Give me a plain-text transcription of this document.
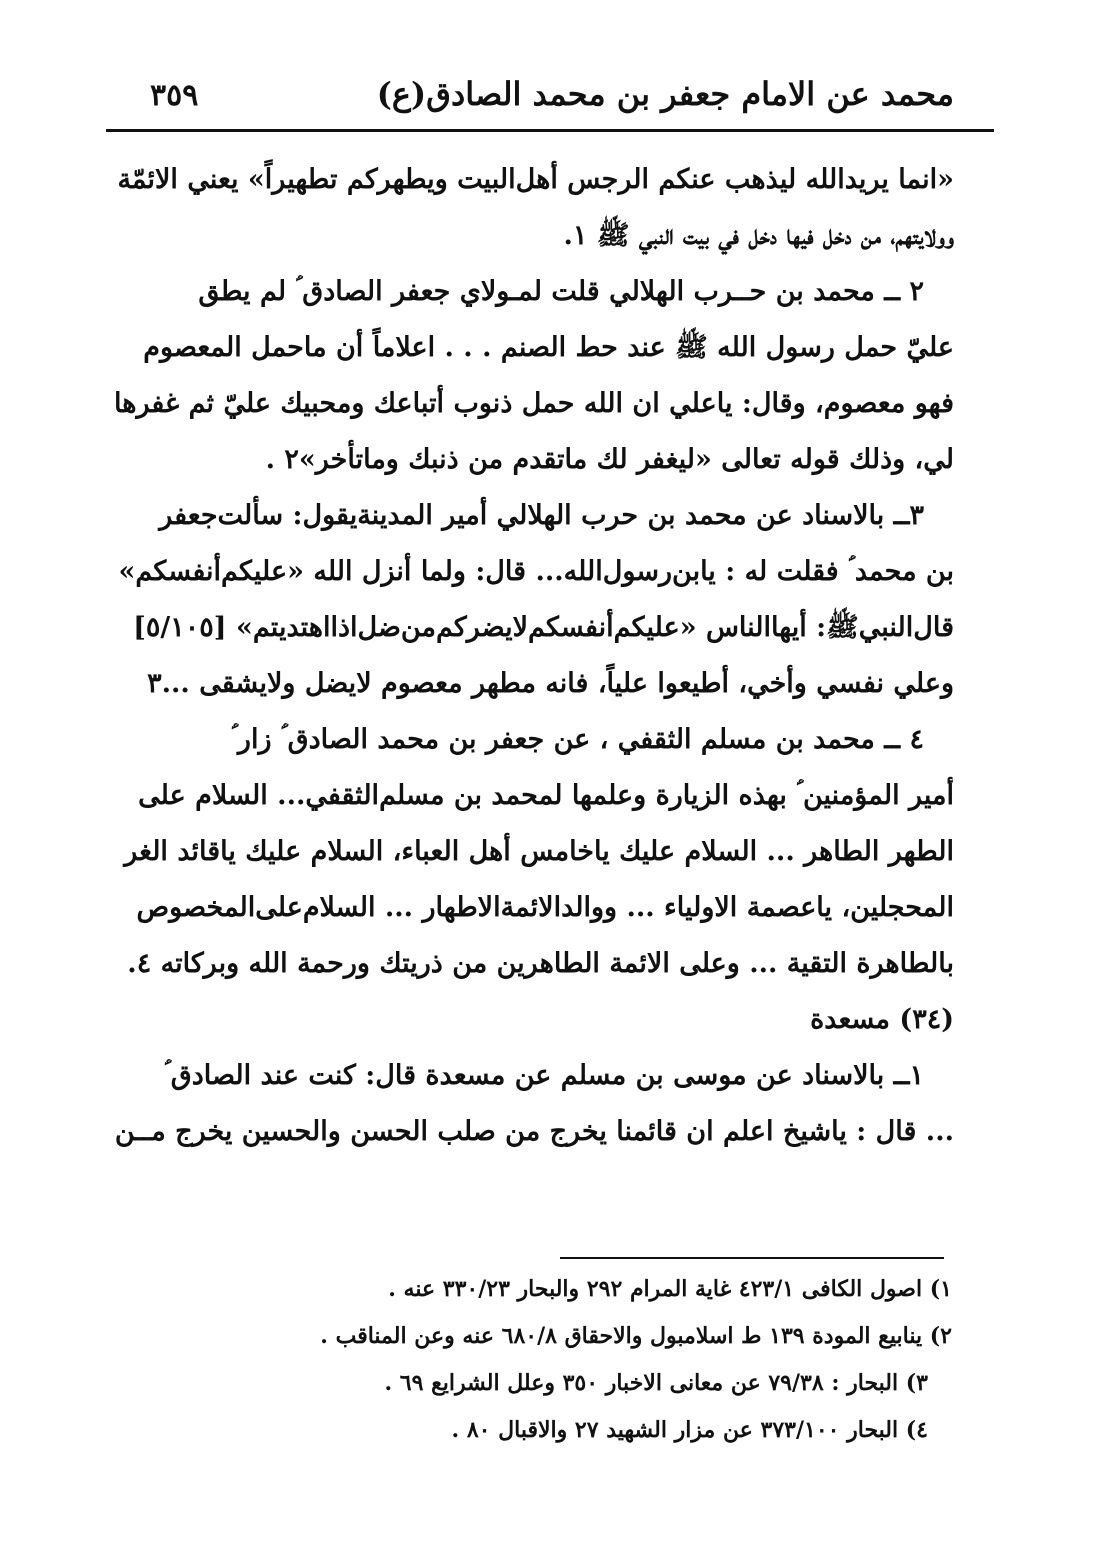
محمد عن الامام جعفر بن محمد الصادق(ع)
٣٥٩
«انما يريدالله ليذهب عنكم الرجس أهل‌البيت ويطهركم تطهيراً» يعني الائمّة
وولايتهم، من دخل فيها دخل في بيت النبي ﷺ ١.
٢ ــ محمد بن حــرب الهلالي قلت لمـولاي جعفر الصادق ؑ لم يطق
عليّ حمل رسول الله ﷺ عند حط الصنم . . . اعلاماً أن ماحمل المعصوم
فهو معصوم، وقال: ياعلي ان الله حمل ذنوب أتباعك ومحبيك عليّ ثم غفرها
لي، وذلك قوله تعالى «ليغفر لك ماتقدم من ذنبك وماتأخر»٢ .
٣ــ بالاسناد عن محمد بن حرب الهلالي أمير المدينةيقول: سألت‌جعفر
بن محمد ؑ فقلت له : يابن‌رسول‌الله... قال: ولما أنزل الله «عليكم‌أنفسكم»
قال‌النبي‌ﷺ: أيهاالناس «عليكم‌أنفسكم‌لايضركم‌من‌ضل‌اذااهتديتم» [٥/١٠٥]
وعلي نفسي وأخي، أطيعوا علياً، فانه مطهر معصوم لايضل ولايشقى ...٣
٤ ــ محمد بن مسلم الثقفي ، عن جعفر بن محمد الصادق ؑ زار ؑ
أمير المؤمنين ؑ بهذه الزيارة وعلمها لمحمد بن مسلم‌الثقفي... السلام على
الطهر الطاهر ... السلام عليك ياخامس أهل العباء، السلام عليك ياقائد الغر
المحجلين، ياعصمة الاولياء ... ووالدالائمةالاطهار ... السلام‌على‌المخصوص
بالطاهرة التقية ... وعلى الائمة الطاهرين من ذريتك ورحمة الله وبركاته ٤.
(٣٤) مسعدة
١ــ بالاسناد عن موسى بن مسلم عن مسعدة قال: كنت عند الصادق ؑ
... قال : ياشيخ اعلم ان قائمنا يخرج من صلب الحسن والحسين يخرج مــن
١) اصول الكافى ٤٢٣/١ غاية المرام ٢٩٢ والبحار ٣٣٠/٢٣ عنه .
٢) ينابيع المودة ١٣٩ ط اسلامبول والاحقاق ٦٨٠/٨ عنه وعن المناقب .
٣) البحار : ٧٩/٣٨ عن معانى الاخبار ٣٥٠ وعلل الشرايع ٦٩ .
٤) البحار ٣٧٣/١٠٠ عن مزار الشهيد ٢٧ والاقبال ٨٠ .
